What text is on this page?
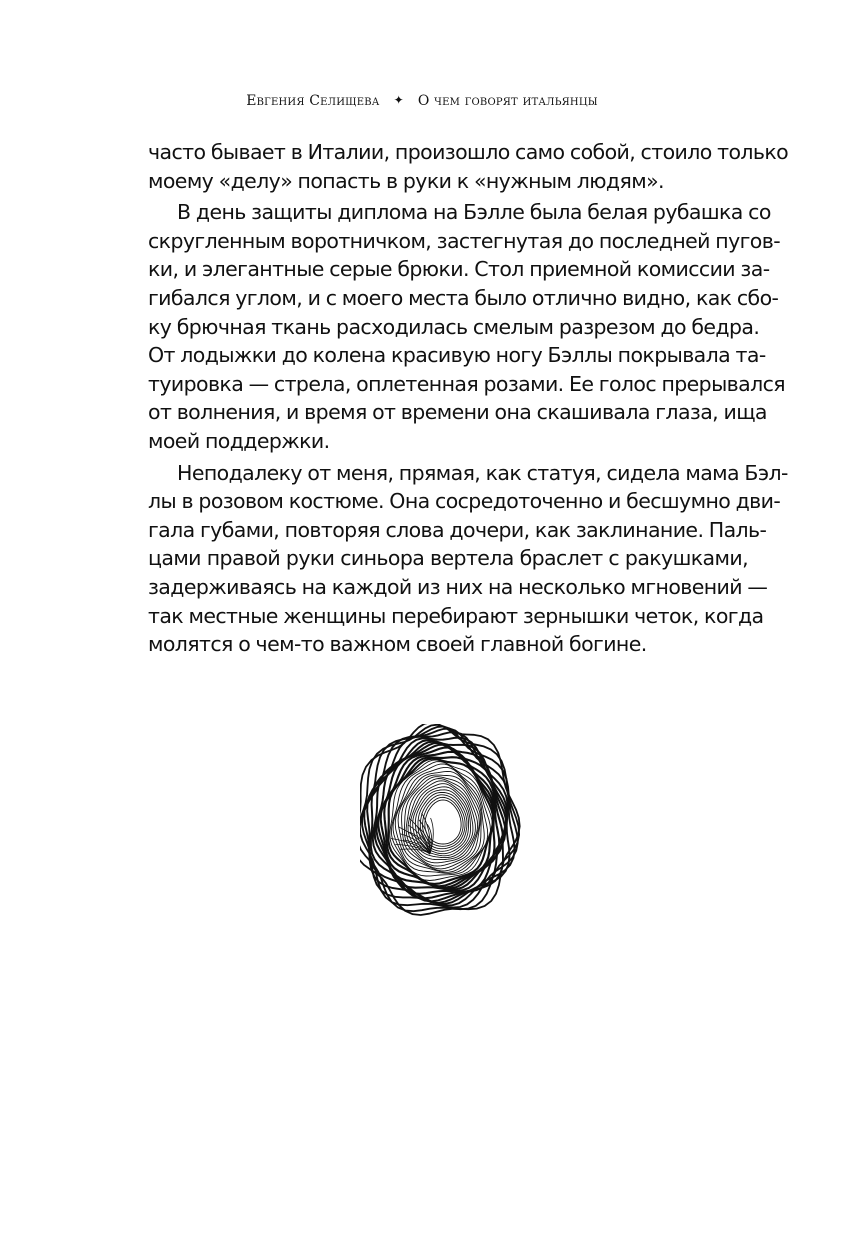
Евгения Селищева ✦ О чем говорят итальянцы
часто бывает в Италии, произошло само собой, стоило только
моему «делу» попасть в руки к «нужным людям».
В день защиты диплома на Бэлле была белая рубашка со
скругленным воротничком, застегнутая до последней пугов-
ки, и элегантные серые брюки. Стол приемной комиссии за-
гибался углом, и с моего места было отлично видно, как сбо-
ку брючная ткань расходилась смелым разрезом до бедра.
От лодыжки до колена красивую ногу Бэллы покрывала та-
туировка — стрела, оплетенная розами. Ее голос прерывался
от волнения, и время от времени она скашивала глаза, ища
моей поддержки.
Неподалеку от меня, прямая, как статуя, сидела мама Бэл-
лы в розовом костюме. Она сосредоточенно и бесшумно дви-
гала губами, повторяя слова дочери, как заклинание. Паль-
цами правой руки синьора вертела браслет с ракушками,
задерживаясь на каждой из них на несколько мгновений —
так местные женщины перебирают зернышки четок, когда
молятся о чем-то важном своей главной богине.
